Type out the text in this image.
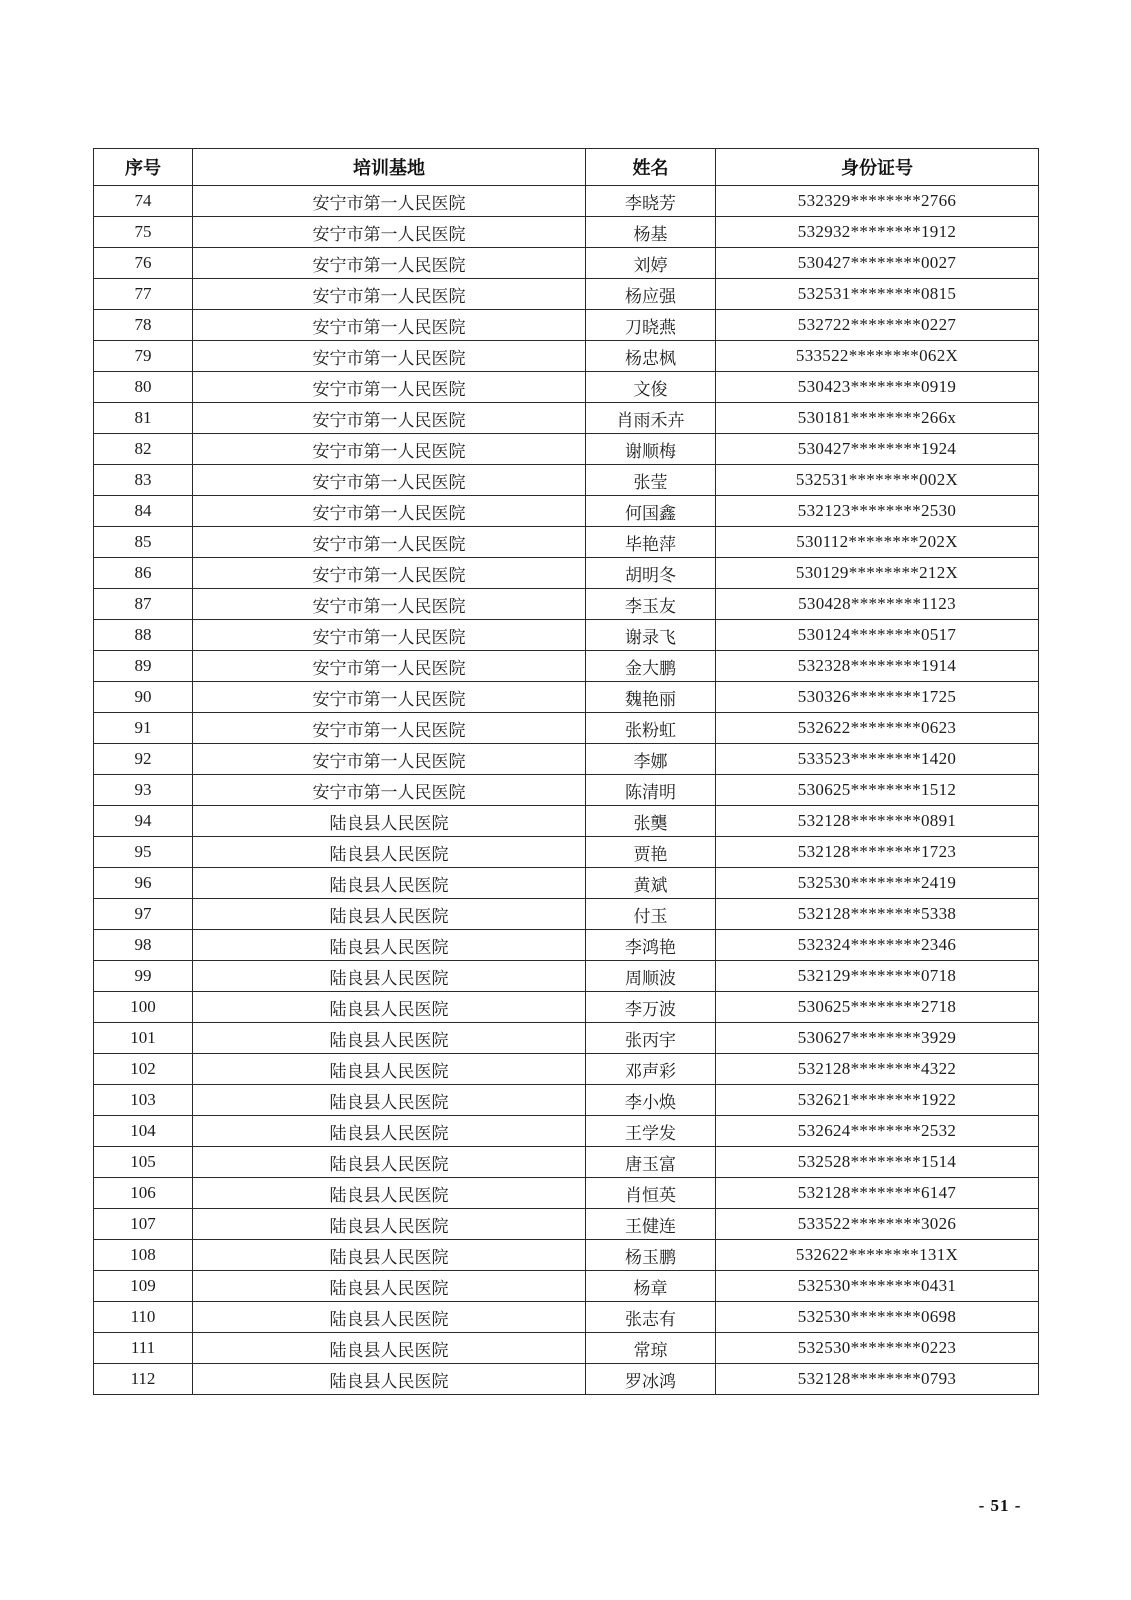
序号	培训基地	姓名	身份证号
74	安宁市第一人民医院	李晓芳	532329********2766
75	安宁市第一人民医院	杨基	532932********1912
76	安宁市第一人民医院	刘婷	530427********0027
77	安宁市第一人民医院	杨应强	532531********0815
78	安宁市第一人民医院	刀晓燕	532722********0227
79	安宁市第一人民医院	杨忠枫	533522********062X
80	安宁市第一人民医院	文俊	530423********0919
81	安宁市第一人民医院	肖雨禾卉	530181********266x
82	安宁市第一人民医院	谢顺梅	530427********1924
83	安宁市第一人民医院	张莹	532531********002X
84	安宁市第一人民医院	何国鑫	532123********2530
85	安宁市第一人民医院	毕艳萍	530112********202X
86	安宁市第一人民医院	胡明冬	530129********212X
87	安宁市第一人民医院	李玉友	530428********1123
88	安宁市第一人民医院	谢录飞	530124********0517
89	安宁市第一人民医院	金大鹏	532328********1914
90	安宁市第一人民医院	魏艳丽	530326********1725
91	安宁市第一人民医院	张粉虹	532622********0623
92	安宁市第一人民医院	李娜	533523********1420
93	安宁市第一人民医院	陈清明	530625********1512
94	陆良县人民医院	张龑	532128********0891
95	陆良县人民医院	贾艳	532128********1723
96	陆良县人民医院	黄斌	532530********2419
97	陆良县人民医院	付玉	532128********5338
98	陆良县人民医院	李鸿艳	532324********2346
99	陆良县人民医院	周顺波	532129********0718
100	陆良县人民医院	李万波	530625********2718
101	陆良县人民医院	张丙宇	530627********3929
102	陆良县人民医院	邓声彩	532128********4322
103	陆良县人民医院	李小焕	532621********1922
104	陆良县人民医院	王学发	532624********2532
105	陆良县人民医院	唐玉富	532528********1514
106	陆良县人民医院	肖恒英	532128********6147
107	陆良县人民医院	王健连	533522********3026
108	陆良县人民医院	杨玉鹏	532622********131X
109	陆良县人民医院	杨章	532530********0431
110	陆良县人民医院	张志有	532530********0698
111	陆良县人民医院	常琼	532530********0223
112	陆良县人民医院	罗冰鸿	532128********0793
- 51 -
